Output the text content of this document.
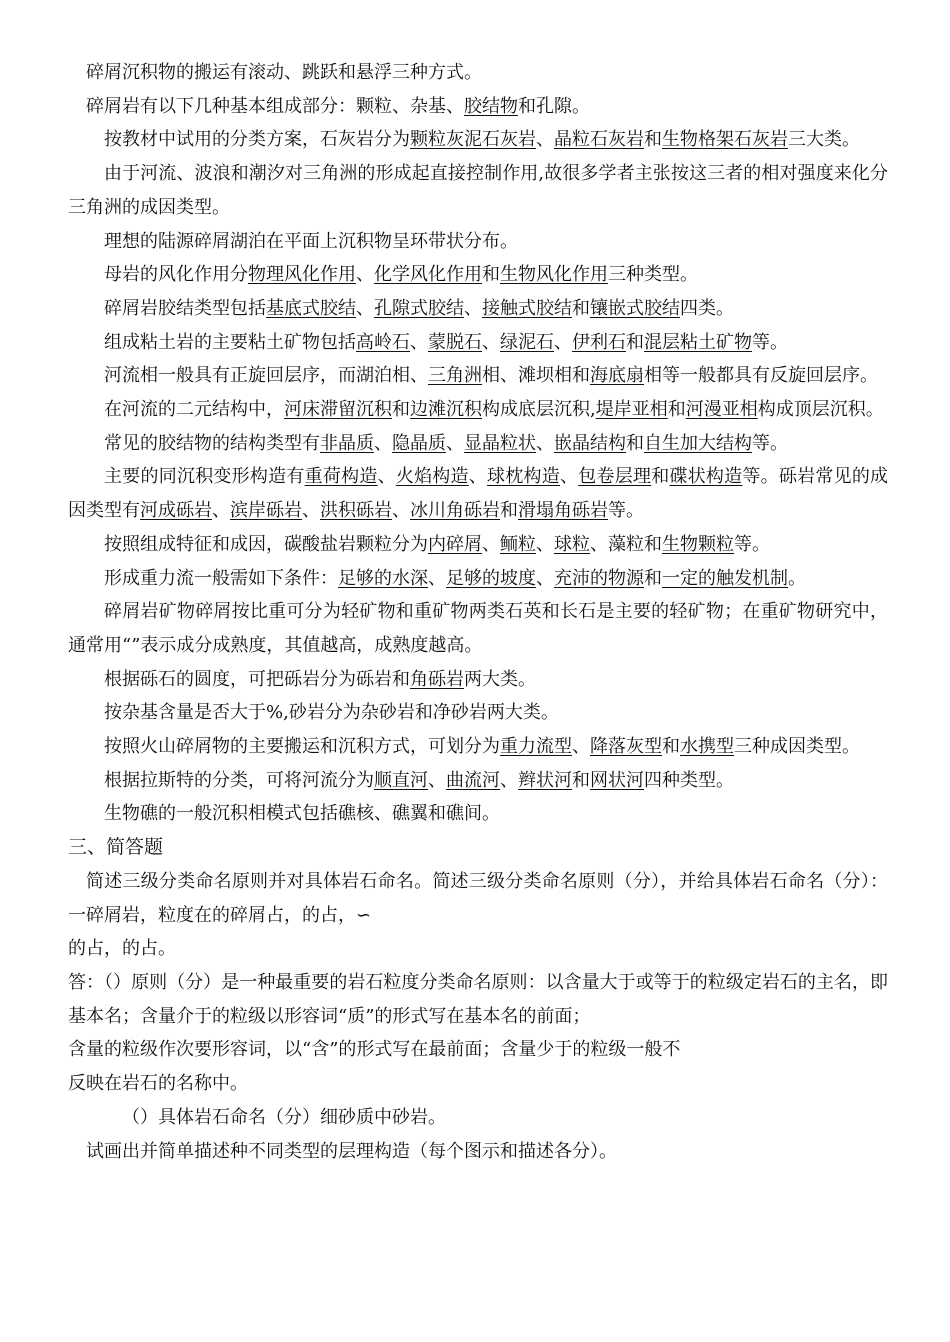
碎屑沉积物的搬运有滚动、跳跃和悬浮三种方式。

碎屑岩有以下几种基本组成部分：颗粒、杂基、胶结物和孔隙。

按教材中试用的分类方案，石灰岩分为颗粒灰泥石灰岩、晶粒石灰岩和生物格架石灰岩三大类。

由于河流、波浪和潮汐对三角洲的形成起直接控制作用,故很多学者主张按这三者的相对强度来化分三角洲的成因类型。

理想的陆源碎屑湖泊在平面上沉积物呈环带状分布。

母岩的风化作用分物理风化作用、化学风化作用和生物风化作用三种类型。

碎屑岩胶结类型包括基底式胶结、孔隙式胶结、接触式胶结和镶嵌式胶结四类。

组成粘土岩的主要粘土矿物包括高岭石、蒙脱石、绿泥石、伊利石和混层粘土矿物等。

河流相一般具有正旋回层序，而湖泊相、三角洲相、滩坝相和海底扇相等一般都具有反旋回层序。

在河流的二元结构中，河床滞留沉积和边滩沉积构成底层沉积,堤岸亚相和河漫亚相构成顶层沉积。

常见的胶结物的结构类型有非晶质、隐晶质、显晶粒状、嵌晶结构和自生加大结构等。

主要的同沉积变形构造有重荷构造、火焰构造、球枕构造、包卷层理和碟状构造等。砾岩常见的成因类型有河成砾岩、滨岸砾岩、洪积砾岩、冰川角砾岩和滑塌角砾岩等。

按照组成特征和成因，碳酸盐岩颗粒分为内碎屑、鲕粒、球粒、藻粒和生物颗粒等。

形成重力流一般需如下条件：足够的水深、足够的坡度、充沛的物源和一定的触发机制。

碎屑岩矿物碎屑按比重可分为轻矿物和重矿物两类石英和长石是主要的轻矿物；在重矿物研究中，通常用“”表示成分成熟度，其值越高，成熟度越高。

根据砾石的圆度，可把砾岩分为砾岩和角砾岩两大类。

按杂基含量是否大于%,砂岩分为杂砂岩和净砂岩两大类。

按照火山碎屑物的主要搬运和沉积方式，可划分为重力流型、降落灰型和水携型三种成因类型。

根据拉斯特的分类，可将河流分为顺直河、曲流河、辫状河和网状河四种类型。

生物礁的一般沉积相模式包括礁核、礁翼和礁间。

三、简答题

简述三级分类命名原则并对具体岩石命名。简述三级分类命名原则（分），并给具体岩石命名（分）：一碎屑岩，粒度在的碎屑占，的占，∽

的占，的占。

答：（）原则（分）是一种最重要的岩石粒度分类命名原则：以含量大于或等于的粒级定岩石的主名，即基本名；含量介于的粒级以形容词“质”的形式写在基本名的前面；

含量的粒级作次要形容词，以“含”的形式写在最前面；含量少于的粒级一般不

反映在岩石的名称中。

（）具体岩石命名（分）细砂质中砂岩。

试画出并简单描述种不同类型的层理构造（每个图示和描述各分）。
